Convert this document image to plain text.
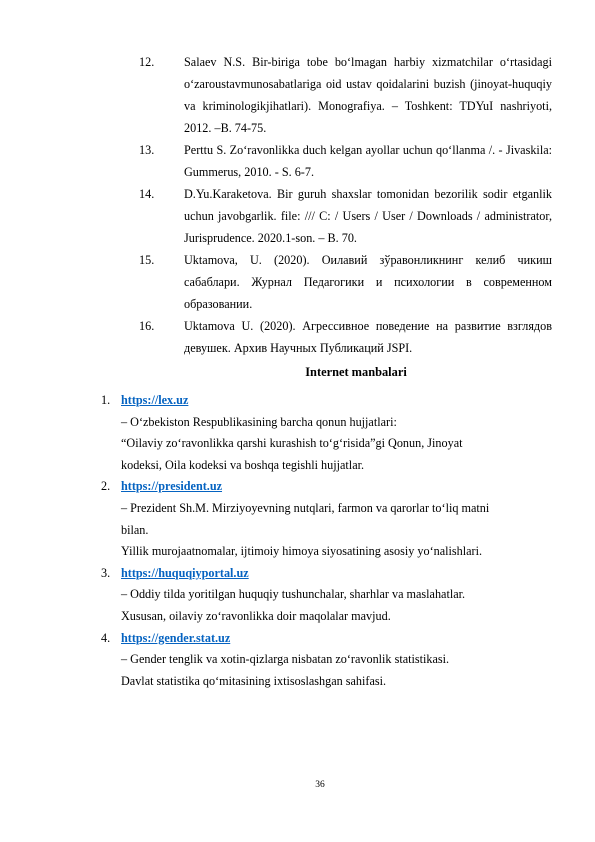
12.	Salaev N.S. Bir-biriga tobe bo‘lmagan harbiy xizmatchilar o‘rtasidagi o‘zaroustavmunosabatlariga oid ustav qoidalarini buzish (jinoyat-huquqiy va kriminologikjihatlari). Monografiya. – Toshkent: TDYuI nashriyoti, 2012. –B. 74-75.
13.	Perttu S. Zo‘ravonlikka duch kelgan ayollar uchun qo‘llanma /. - Jivaskila: Gummerus, 2010. - S. 6-7.
14.	D.Yu.Karaketova. Bir guruh shaxslar tomonidan bezorilik sodir etganlik uchun javobgarlik. file: /// C: / Users / User / Downloads / administrator, Jurisprudence. 2020.1-son. – B. 70.
15.	Uktamova, U. (2020). Оилавий зўравонликнинг келиб чикиш сабаблари. Журнал Педагогики и психологии в современном образовании.
16.	Uktamova U. (2020). Агрессивное поведение на развитие взглядов девушек. Архив Научных Публикаций JSPI.
Internet manbalari
1. https://lex.uz
– O‘zbekiston Respublikasining barcha qonun hujjatlari:
“Oilaviy zo‘ravonlikka qarshi kurashish to‘g‘risida”gi Qonun, Jinoyat
kodeksi, Oila kodeksi va boshqa tegishli hujjatlar.
2. https://president.uz
– Prezident Sh.M. Mirziyoyevning nutqlari, farmon va qarorlar to‘liq matni
bilan.
Yillik murojaatnomalar, ijtimoiy himoya siyosatining asosiy yo‘nalishlari.
3. https://huquqiyportal.uz
– Oddiy tilda yoritilgan huquqiy tushunchalar, sharhlar va maslahatlar.
Xususan, oilaviy zo‘ravonlikka doir maqolalar mavjud.
4. https://gender.stat.uz
– Gender tenglik va xotin-qizlarga nisbatan zo‘ravonlik statistikasi.
Davlat statistika qo‘mitasining ixtisoslashgan sahifasi.
36
